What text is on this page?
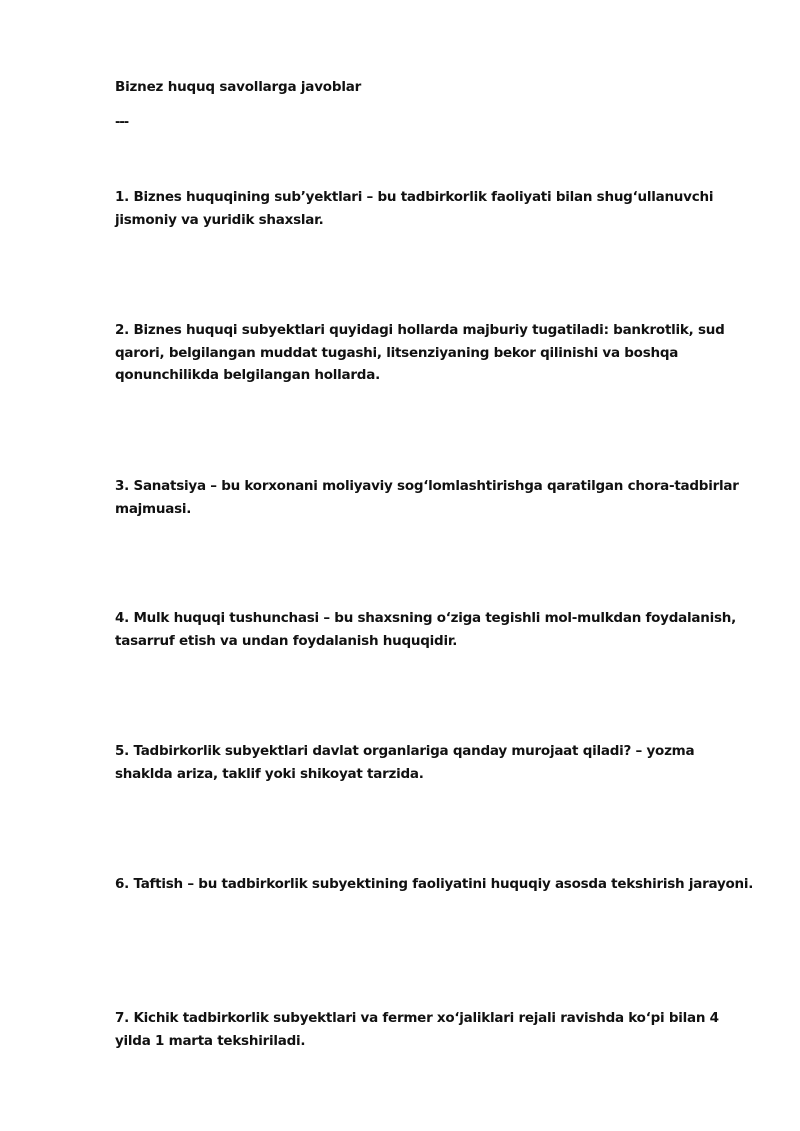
Biznez huquq savollarga javoblar
---

1. Biznes huquqining sub’yektlari – bu tadbirkorlik faoliyati bilan shug‘ullanuvchi jismoniy va yuridik shaxslar.

2. Biznes huquqi subyektlari quyidagi hollarda majburiy tugatiladi: bankrotlik, sud qarori, belgilangan muddat tugashi, litsenziyaning bekor qilinishi va boshqa qonunchilikda belgilangan hollarda.

3. Sanatsiya – bu korxonani moliyaviy sog‘lomlashtirishga qaratilgan chora-tadbirlar majmuasi.

4. Mulk huquqi tushunchasi – bu shaxsning o‘ziga tegishli mol-mulkdan foydalanish, tasarruf etish va undan foydalanish huquqidir.

5. Tadbirkorlik subyektlari davlat organlariga qanday murojaat qiladi? – yozma shaklda ariza, taklif yoki shikoyat tarzida.

6. Taftish – bu tadbirkorlik subyektining faoliyatini huquqiy asosda tekshirish jarayoni.

7. Kichik tadbirkorlik subyektlari va fermer xo‘jaliklari rejali ravishda ko‘pi bilan 4 yilda 1 marta tekshiriladi.
